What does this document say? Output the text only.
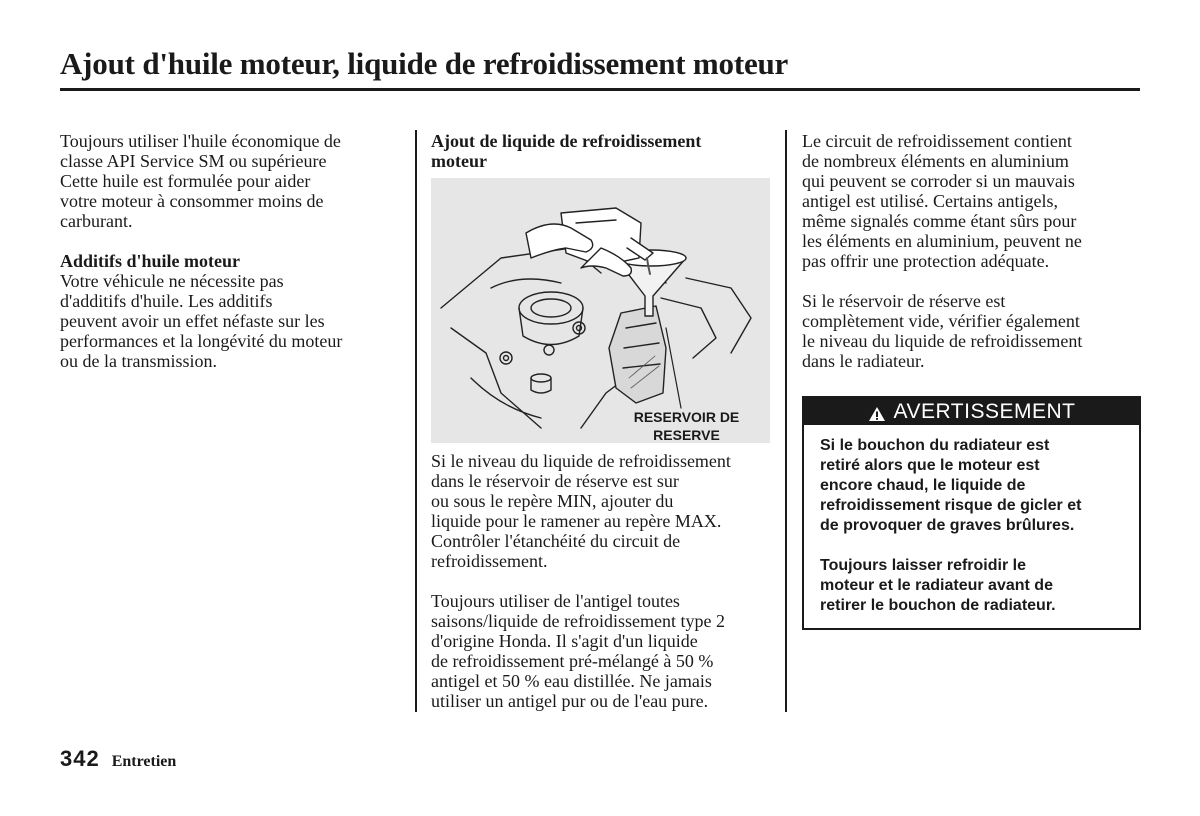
Ajout d'huile moteur, liquide de refroidissement moteur
Toujours utiliser l'huile économique de
classe API Service SM ou supérieure
Cette huile est formulée pour aider
votre moteur à consommer moins de
carburant.
Additifs d'huile moteur
Votre véhicule ne nécessite pas
d'additifs d'huile. Les additifs
peuvent avoir un effet néfaste sur les
performances et la longévité du moteur
ou de la transmission.
Ajout de liquide de refroidissement
moteur
RESERVOIR DE
RESERVE
Si le niveau du liquide de refroidissement
dans le réservoir de réserve est sur
ou sous le repère MIN, ajouter du
liquide pour le ramener au repère MAX.
Contrôler l'étanchéité du circuit de
refroidissement.
Toujours utiliser de l'antigel toutes
saisons/liquide de refroidissement type 2
d'origine Honda. Il s'agit d'un liquide
de refroidissement pré-mélangé à 50 %
antigel et 50 % eau distillée. Ne jamais
utiliser un antigel pur ou de l'eau pure.
Le circuit de refroidissement contient
de nombreux éléments en aluminium
qui peuvent se corroder si un mauvais
antigel est utilisé. Certains antigels,
même signalés comme étant sûrs pour
les éléments en aluminium, peuvent ne
pas offrir une protection adéquate.
Si le réservoir de réserve est
complètement vide, vérifier également
le niveau du liquide de refroidissement
dans le radiateur.
AVERTISSEMENT

Si le bouchon du radiateur est
retiré alors que le moteur est
encore chaud, le liquide de
refroidissement risque de gicler et
de provoquer de graves brûlures.

Toujours laisser refroidir le
moteur et le radiateur avant de
retirer le bouchon de radiateur.

342 Entretien
